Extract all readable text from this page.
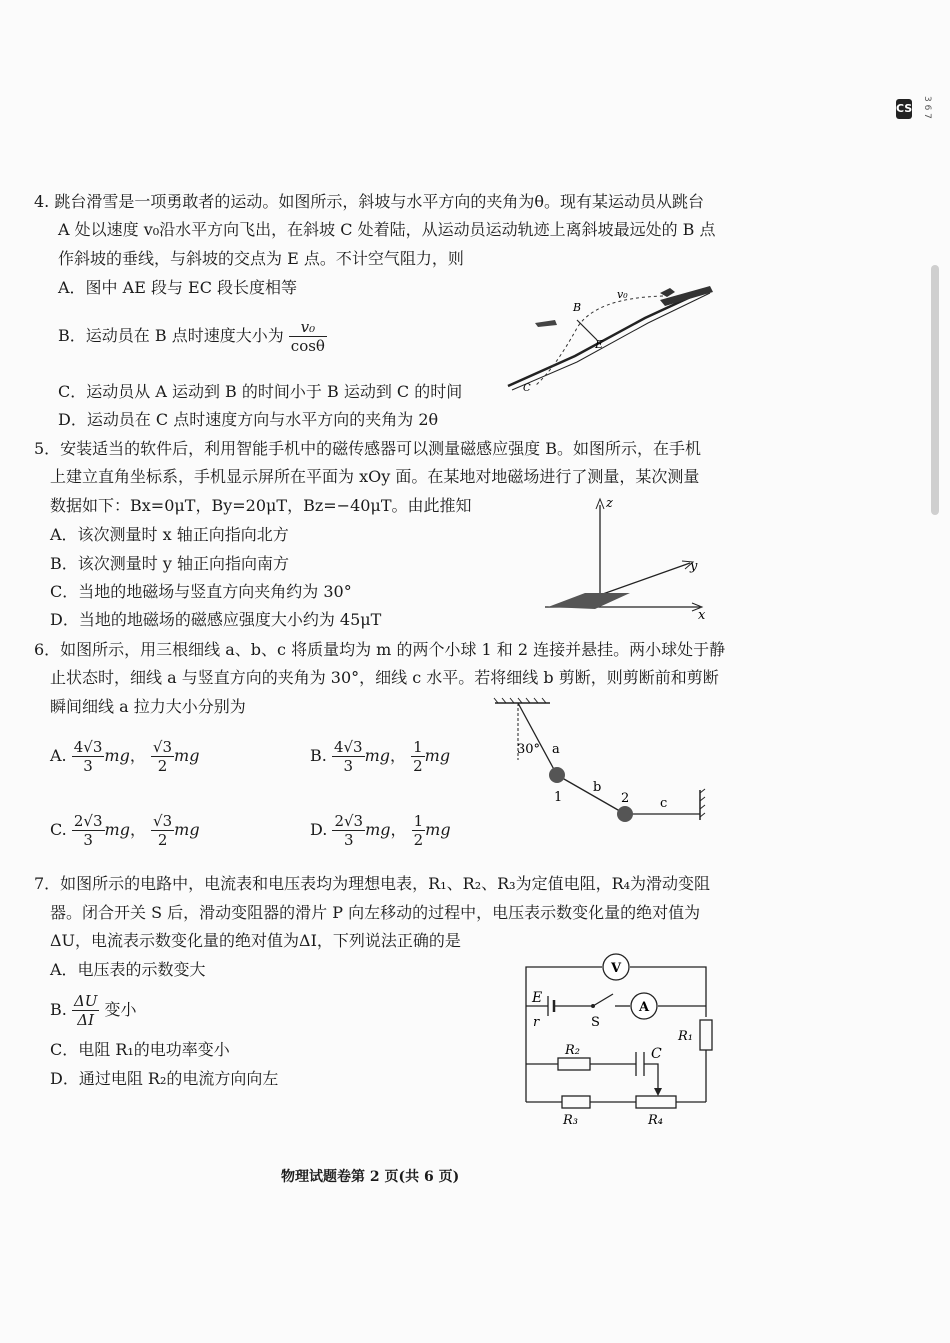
CS 3 6 7
4. 跳台滑雪是一项勇敢者的运动。如图所示，斜坡与水平方向的夹角为θ。现有某运动员从跳台
A 处以速度 v₀沿水平方向飞出，在斜坡 C 处着陆，从运动员运动轨迹上离斜坡最远处的 B 点
作斜坡的垂线，与斜坡的交点为 E 点。不计空气阻力，则
A．图中 AE 段与 EC 段长度相等
B．运动员在 B 点时速度大小为 $\frac{\text{v₀}}{\cos\theta}$
C．运动员从 A 运动到 B 的时间小于 B 运动到 C 的时间
D．运动员在 C 点时速度方向与水平方向的夹角为 2θ
B
E
C
v₀
5．安装适当的软件后，利用智能手机中的磁传感器可以测量磁感应强度 B。如图所示，在手机
上建立直角坐标系，手机显示屏所在平面为 xOy 面。在某地对地磁场进行了测量，某次测量
数据如下：Bx=0μT，By=20μT，Bz=−40μT。由此推知
A．该次测量时 x 轴正向指向北方
B．该次测量时 y 轴正向指向南方
C．当地的地磁场与竖直方向夹角约为 30°
D．当地的地磁场的磁感应强度大小约为 45μT
z
y
x
6．如图所示，用三根细线 a、b、c 将质量均为 m 的两个小球 1 和 2 连接并悬挂。两小球处于静
止状态时，细线 a 与竖直方向的夹角为 30°，细线 c 水平。若将细线 b 剪断，则剪断前和剪断
瞬间细线 a 拉力大小分别为
A. $\frac{4√3}{3}$ mg， $\frac{√3}{2}$ mg	B. $\frac{4√3}{3}$ mg， $\frac{1}{2}$ mg
C. $\frac{2√3}{3}$ mg， $\frac{√3}{2}$ mg	D. $\frac{2√3}{3}$ mg， $\frac{1}{2}$ mg
30° a
b
c
1	2
7．如图所示的电路中，电流表和电压表均为理想电表，R₁、R₂、R₃为定值电阻，R₄为滑动变阻
器。闭合开关 S 后，滑动变阻器的滑片 P 向左移动的过程中，电压表示数变化量的绝对值为
ΔU，电流表示数变化量的绝对值为ΔI，下列说法正确的是
A．电压表的示数变大
B. $\frac{\Delta U}{\Delta I}$ 变小
C．电阻 R₁的电功率变小
D．通过电阻 R₂的电流方向向左
V
A
E
r	S
R₁
R₂	C
R₃	R₄
物理试题卷第 2 页(共 6 页)
